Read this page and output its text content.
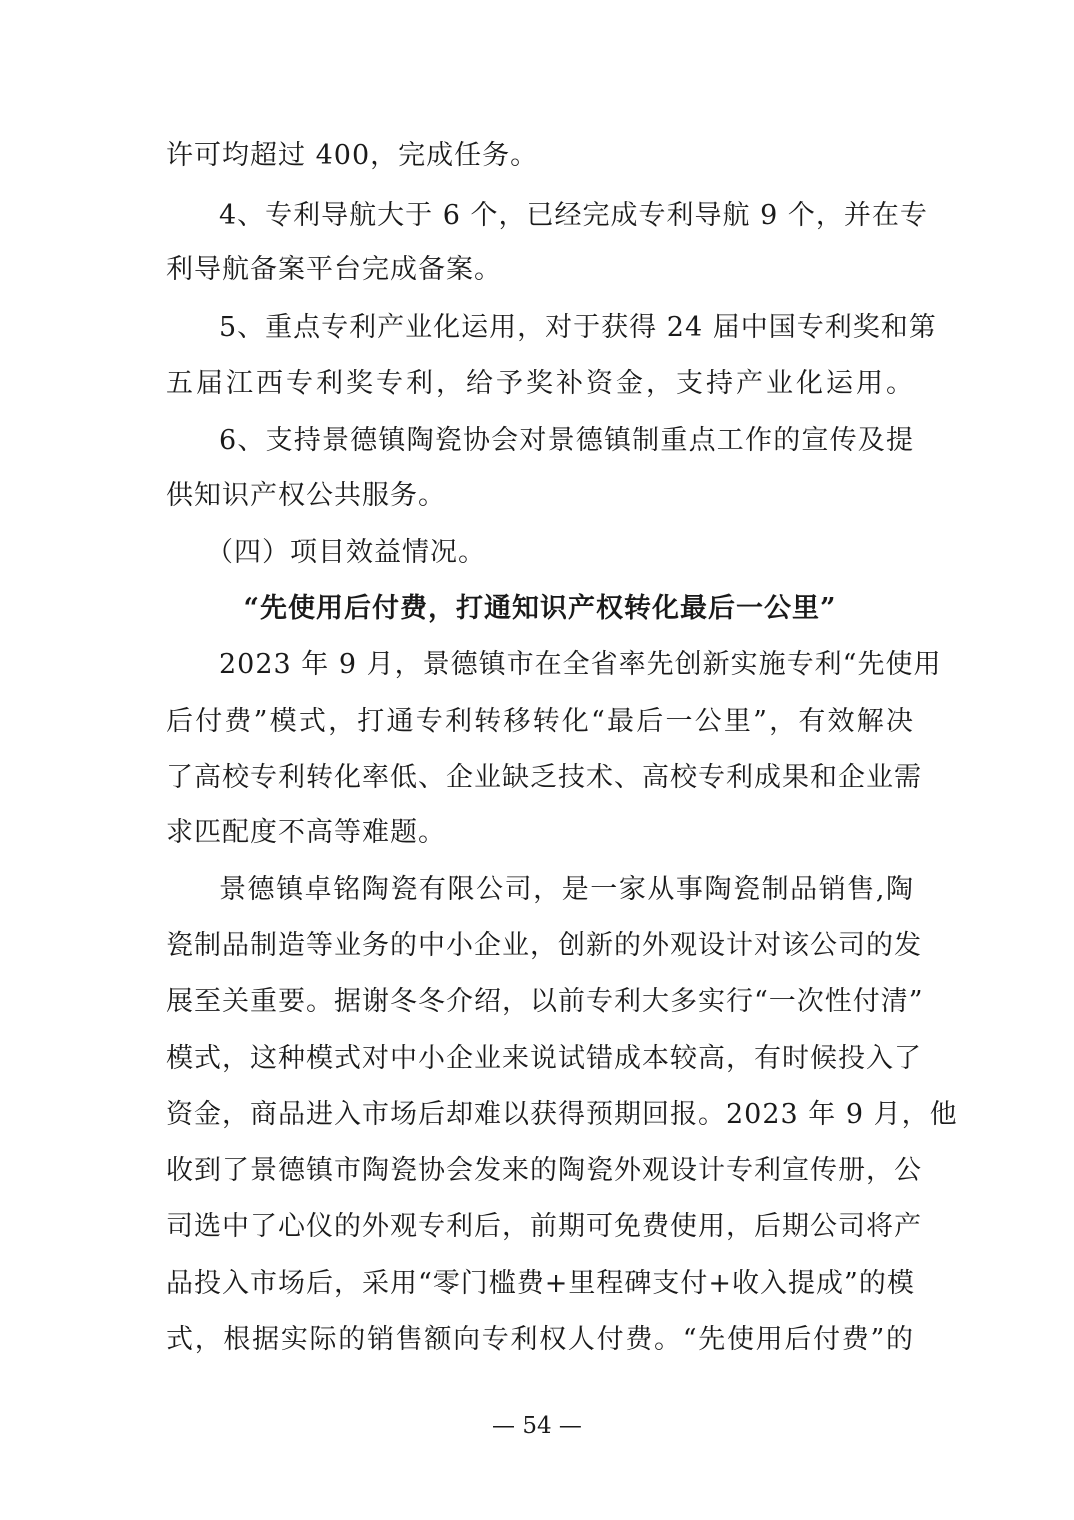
许可均超过 400，完成任务。
4、专利导航大于 6 个，已经完成专利导航 9 个，并在专
利导航备案平台完成备案。
5、重点专利产业化运用，对于获得 24 届中国专利奖和第
五届江西专利奖专利，给予奖补资金，支持产业化运用。
6、支持景德镇陶瓷协会对景德镇制重点工作的宣传及提
供知识产权公共服务。
（四）项目效益情况。
“先使用后付费，打通知识产权转化最后一公里”
2023 年 9 月，景德镇市在全省率先创新实施专利“先使用
后付费”模式，打通专利转移转化“最后一公里”，有效解决
了高校专利转化率低、企业缺乏技术、高校专利成果和企业需
求匹配度不高等难题。
景德镇卓铭陶瓷有限公司，是一家从事陶瓷制品销售,陶
瓷制品制造等业务的中小企业，创新的外观设计对该公司的发
展至关重要。据谢冬冬介绍，以前专利大多实行“一次性付清”
模式，这种模式对中小企业来说试错成本较高，有时候投入了
资金，商品进入市场后却难以获得预期回报。2023 年 9 月，他
收到了景德镇市陶瓷协会发来的陶瓷外观设计专利宣传册，公
司选中了心仪的外观专利后，前期可免费使用，后期公司将产
品投入市场后，采用“零门槛费+里程碑支付+收入提成”的模
式，根据实际的销售额向专利权人付费。“先使用后付费”的
— 54 —
